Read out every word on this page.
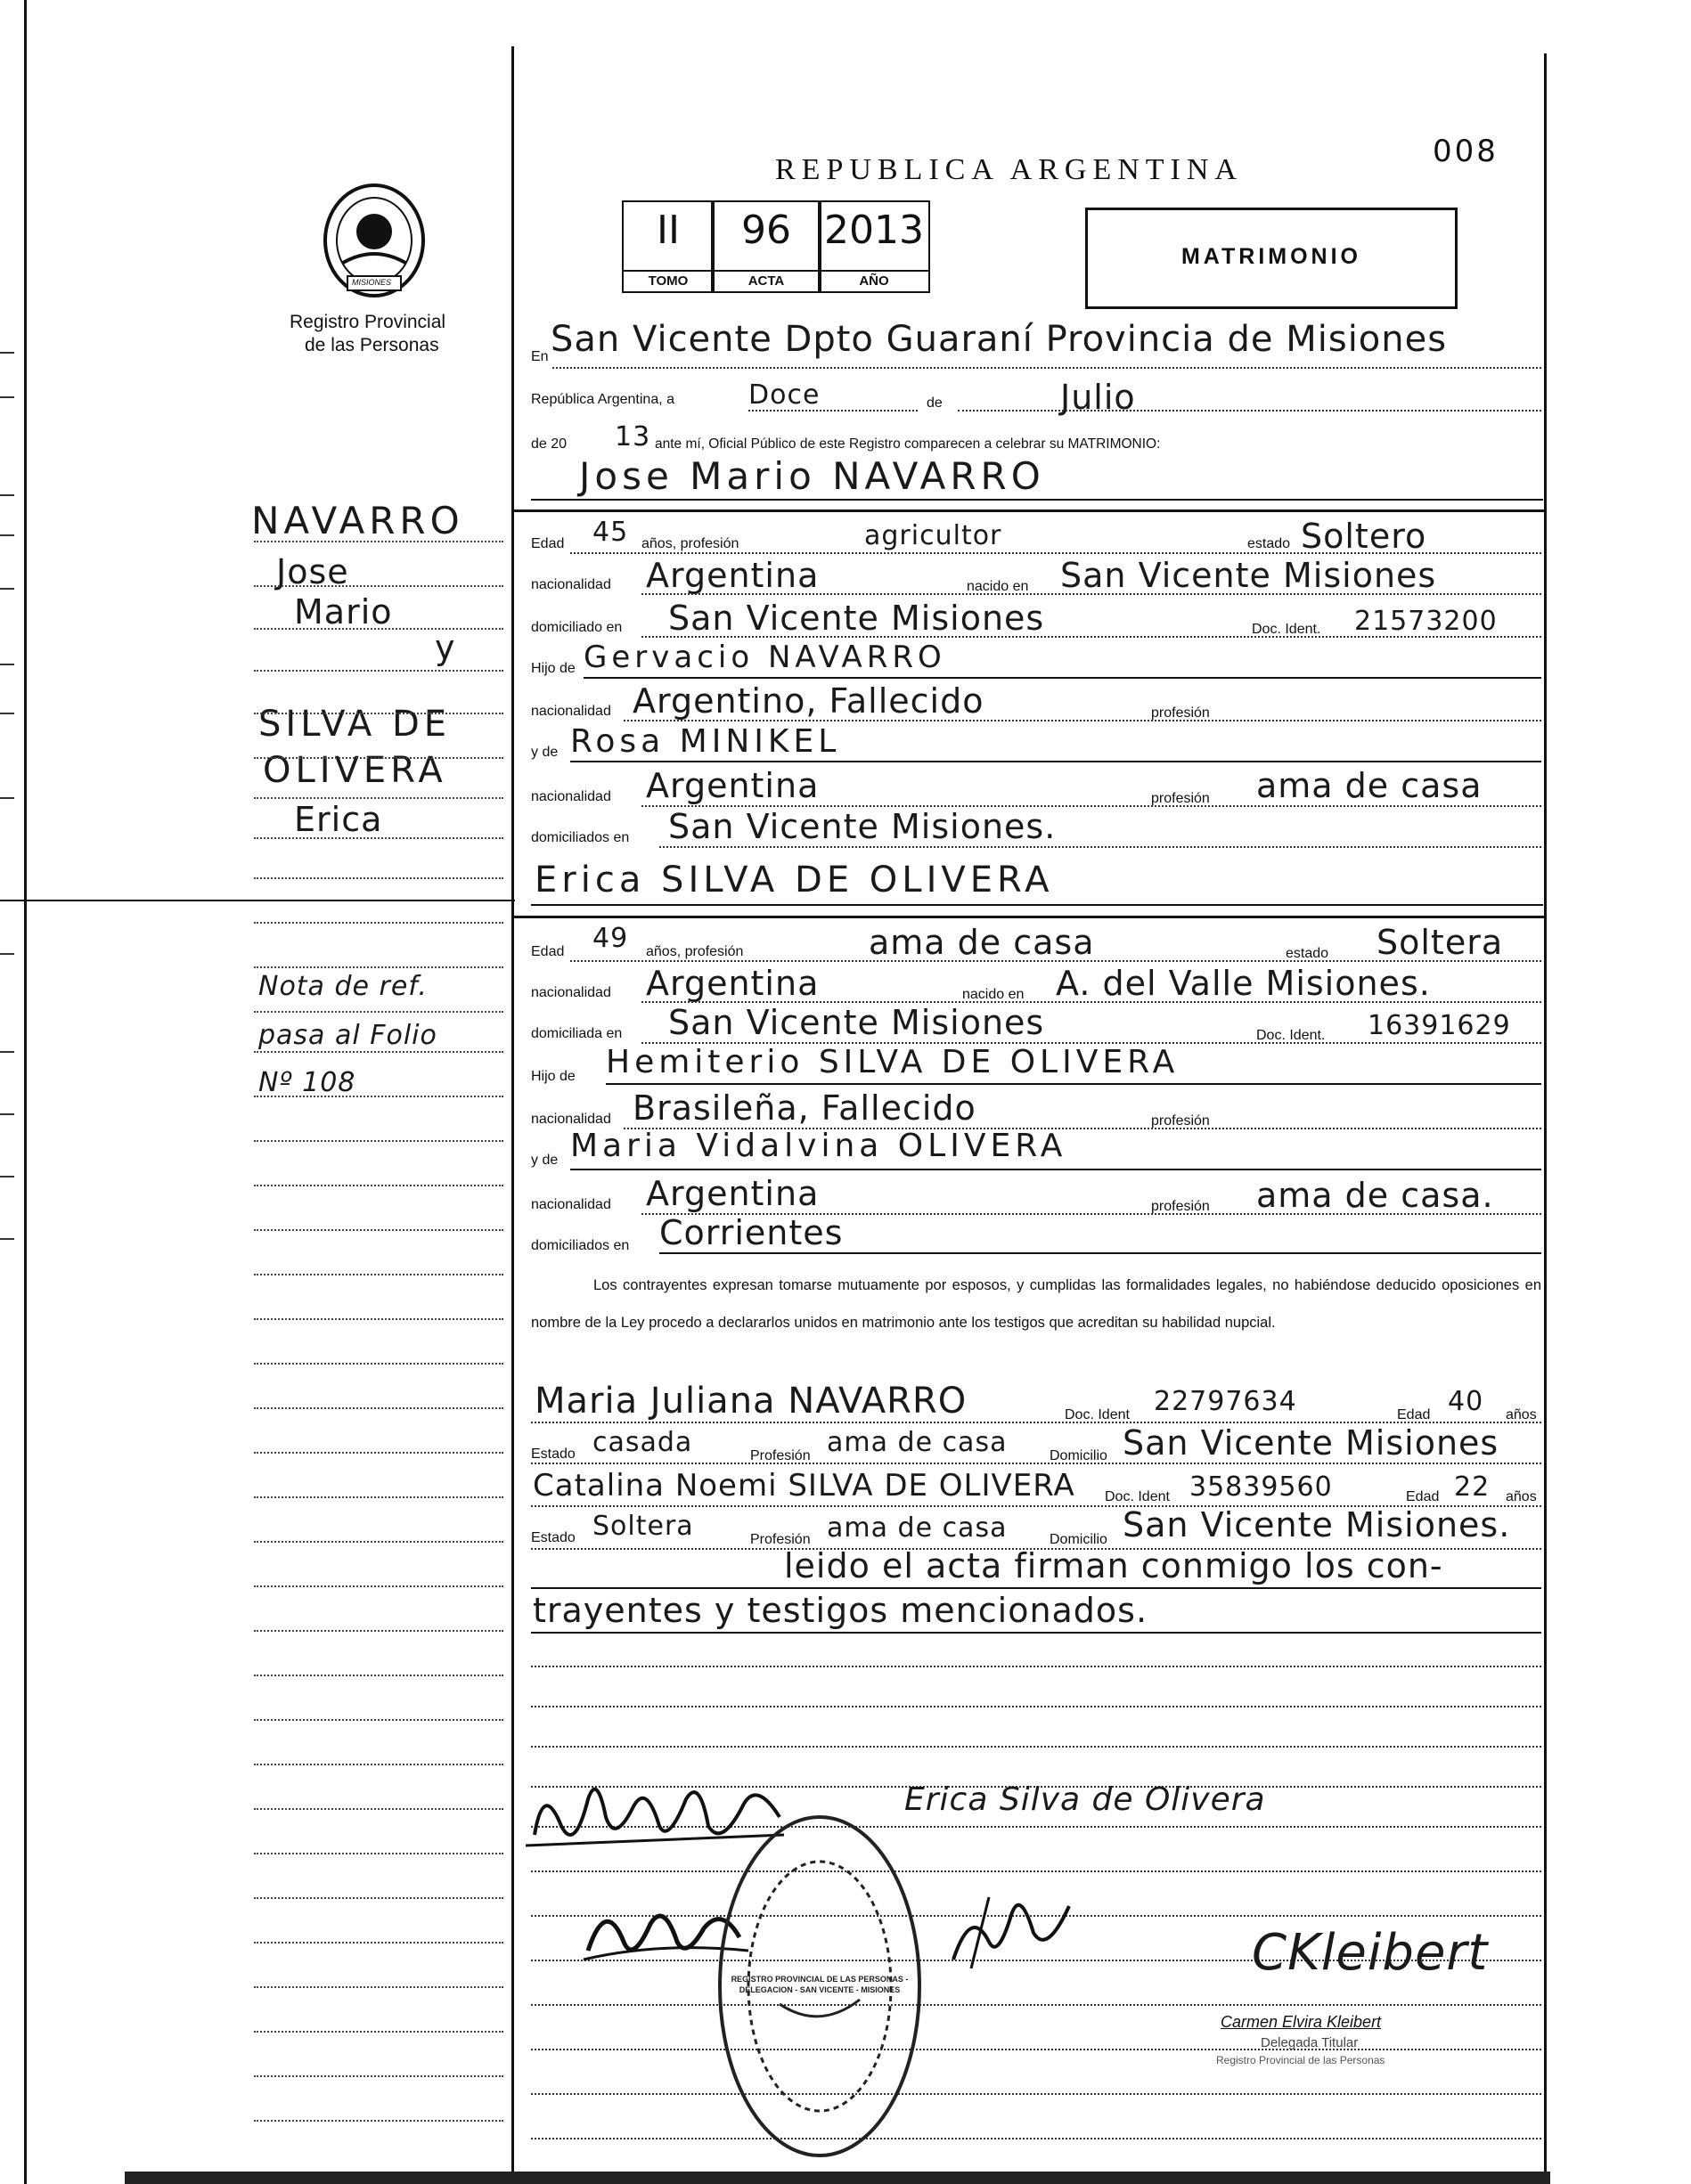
008
REPUBLICA ARGENTINA
MISIONES
Registro Provincial
de las Personas
II
TOMO
96
ACTA
2013
AÑO
MATRIMONIO
NAVARRO
Jose
Mario
y
SILVA DE
OLIVERA
Erica
Nota de ref.
pasa al Folio
Nº 108
En San Vicente Dpto Guaraní Provincia de Misiones
República Argentina, a	Doce	de	Julio
de 20 13 ante mí, Oficial Público de este Registro comparecen a celebrar su MATRIMONIO:
Jose Mario NAVARRO
Edad 45 años, profesión	agricultor	estado Soltero
nacionalidad Argentina	nacido en San Vicente Misiones
domiciliado en San Vicente Misiones	Doc. Ident. 21573200
Hijo de Gervacio NAVARRO
nacionalidad Argentino, Fallecido	profesión
y de Rosa MINIKEL
nacionalidad Argentina	profesión ama de casa
domiciliados en San Vicente Misiones.
Erica SILVA DE OLIVERA
Edad 49 años, profesión	ama de casa	estado Soltera
nacionalidad Argentina	nacido en A. del Valle Misiones.
domiciliada en San Vicente Misiones	Doc. Ident. 16391629
Hijo de Hemiterio SILVA DE OLIVERA
nacionalidad Brasileña, Fallecido	profesión
y de Maria Vidalvina OLIVERA
nacionalidad Argentina	profesión ama de casa.
domiciliados en Corrientes
Los contrayentes expresan tomarse mutuamente por esposos, y cumplidas las formalidades legales, no habiéndose deducido oposiciones en nombre de la Ley procedo a declararlos unidos en matrimonio ante los testigos que acreditan su habilidad nupcial.
Maria Juliana NAVARRO	Doc. Ident 22797634	Edad 40 años
Estado casada	Profesión ama de casa	Domicilio San Vicente Misiones
Catalina Noemi SILVA DE OLIVERA Doc. Ident 35839560	Edad 22 años
Estado Soltera	Profesión ama de casa	Domicilio San Vicente Misiones.
leido el acta firman conmigo los con-
trayentes y testigos mencionados.
Erica Silva de Olivera
REGISTRO PROVINCIAL DE LAS PERSONAS - DELEGACION - SAN VICENTE - MISIONES
CKleibert
Carmen Elvira Kleibert
Delegada Titular
Registro Provincial de las Personas
